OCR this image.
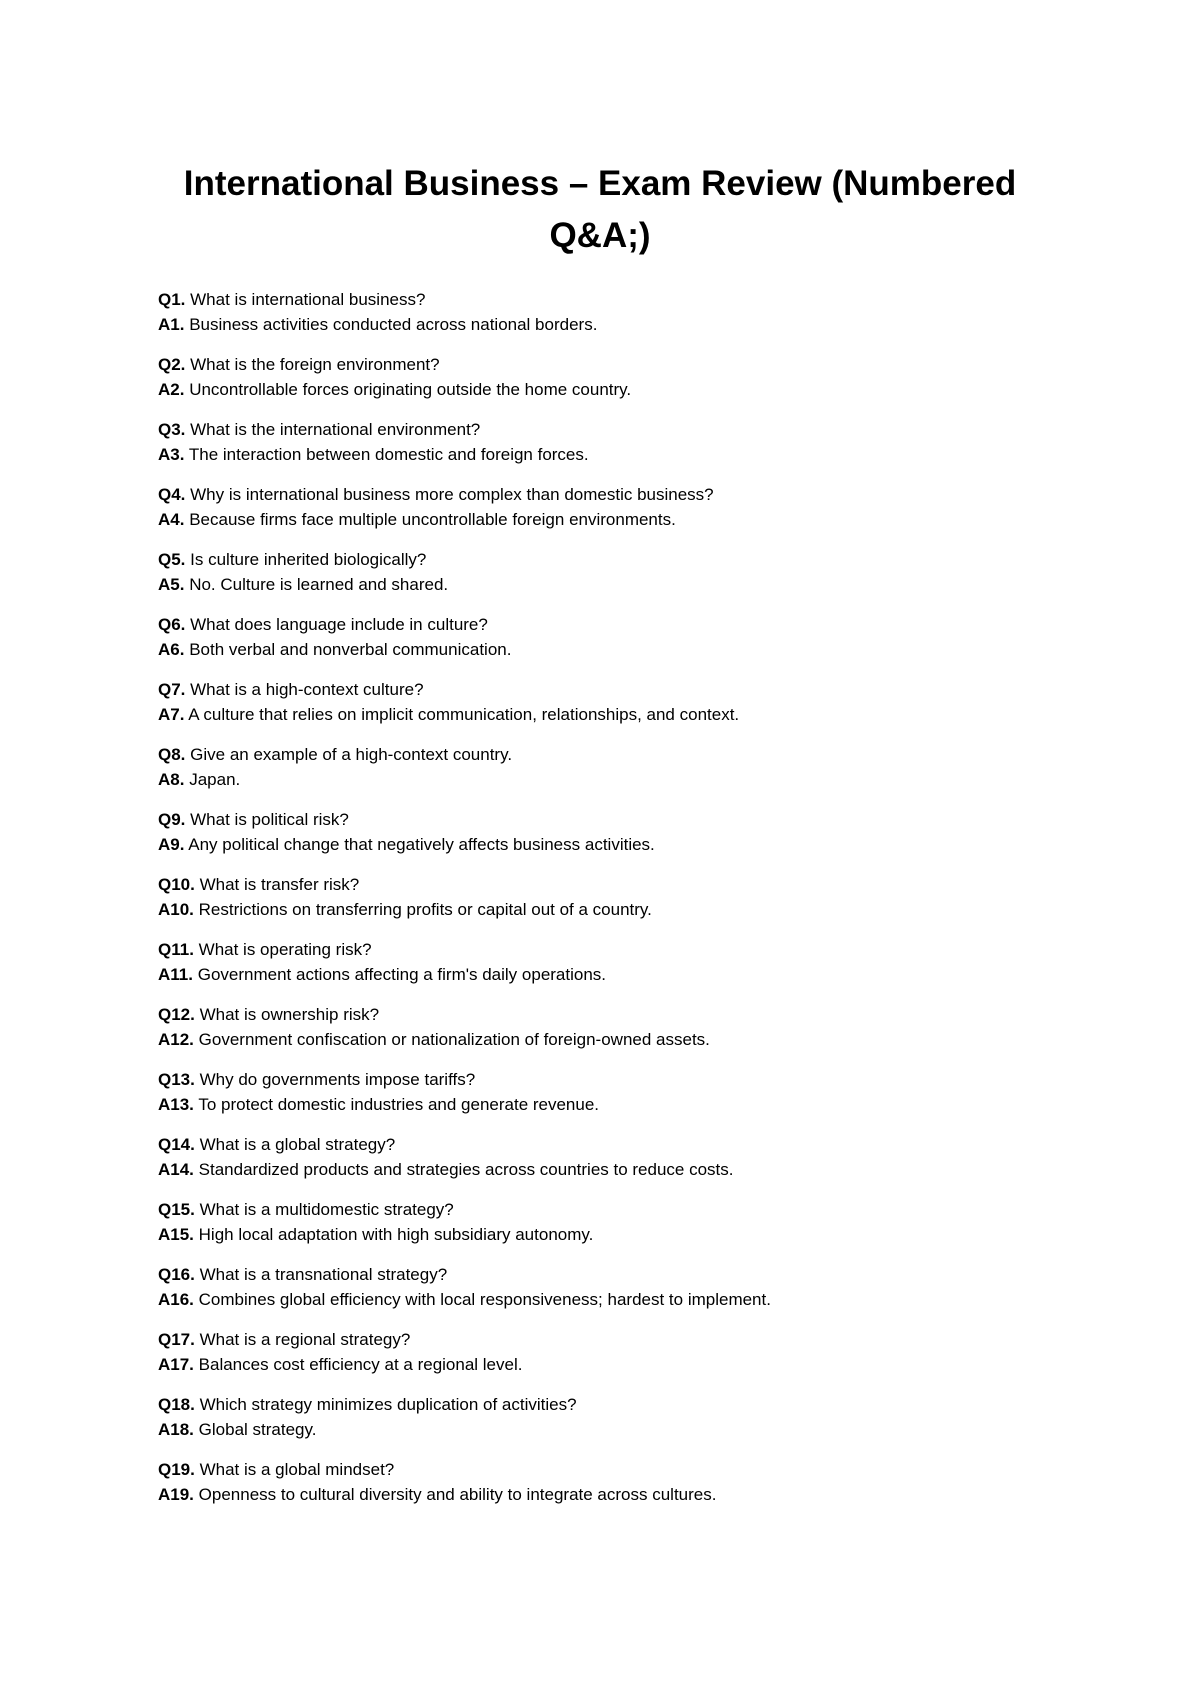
International Business – Exam Review (Numbered Q&A;)
Q1. What is international business?
A1. Business activities conducted across national borders.
Q2. What is the foreign environment?
A2. Uncontrollable forces originating outside the home country.
Q3. What is the international environment?
A3. The interaction between domestic and foreign forces.
Q4. Why is international business more complex than domestic business?
A4. Because firms face multiple uncontrollable foreign environments.
Q5. Is culture inherited biologically?
A5. No. Culture is learned and shared.
Q6. What does language include in culture?
A6. Both verbal and nonverbal communication.
Q7. What is a high-context culture?
A7. A culture that relies on implicit communication, relationships, and context.
Q8. Give an example of a high-context country.
A8. Japan.
Q9. What is political risk?
A9. Any political change that negatively affects business activities.
Q10. What is transfer risk?
A10. Restrictions on transferring profits or capital out of a country.
Q11. What is operating risk?
A11. Government actions affecting a firm's daily operations.
Q12. What is ownership risk?
A12. Government confiscation or nationalization of foreign-owned assets.
Q13. Why do governments impose tariffs?
A13. To protect domestic industries and generate revenue.
Q14. What is a global strategy?
A14. Standardized products and strategies across countries to reduce costs.
Q15. What is a multidomestic strategy?
A15. High local adaptation with high subsidiary autonomy.
Q16. What is a transnational strategy?
A16. Combines global efficiency with local responsiveness; hardest to implement.
Q17. What is a regional strategy?
A17. Balances cost efficiency at a regional level.
Q18. Which strategy minimizes duplication of activities?
A18. Global strategy.
Q19. What is a global mindset?
A19. Openness to cultural diversity and ability to integrate across cultures.
